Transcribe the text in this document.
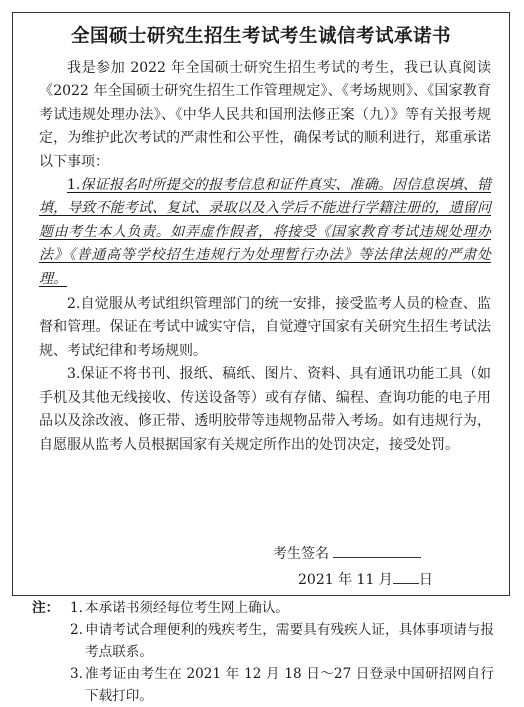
全国硕士研究生招生考试考生诚信考试承诺书

我是参加 2022 年全国硕士研究生招生考试的考生，我已认真阅读《2022 年全国硕士研究生招生工作管理规定》、《考场规则》、《国家教育考试违规处理办法》、《中华人民共和国刑法修正案（九）》等有关报考规定，为维护此次考试的严肃性和公平性，确保考试的顺利进行，郑重承诺以下事项：

1.保证报名时所提交的报考信息和证件真实、准确。因信息误填、错填，导致不能考试、复试、录取以及入学后不能进行学籍注册的，遗留问题由考生本人负责。如弄虚作假者，将接受《国家教育考试违规处理办法》《普通高等学校招生违规行为处理暂行办法》等法律法规的严肃处理。

2.自觉服从考试组织管理部门的统一安排，接受监考人员的检查、监督和管理。保证在考试中诚实守信，自觉遵守国家有关研究生招生考试法规、考试纪律和考场规则。

3.保证不将书刊、报纸、稿纸、图片、资料、具有通讯功能工具（如手机及其他无线接收、传送设备等）或有存储、编程、查询功能的电子用品以及涂改液、修正带、透明胶带等违规物品带入考场。如有违规行为，自愿服从监考人员根据国家有关规定所作出的处罚决定，接受处罚。

考生签名
2021 年 11 月 日
注： 1. 本承诺书须经每位考生网上确认。
2. 申请考试合理便利的残疾考生，需要具有残疾人证，具体事项请与报考点联系。
3. 准考证由考生在 2021 年 12 月 18 日～27 日登录中国研招网自行下载打印。
